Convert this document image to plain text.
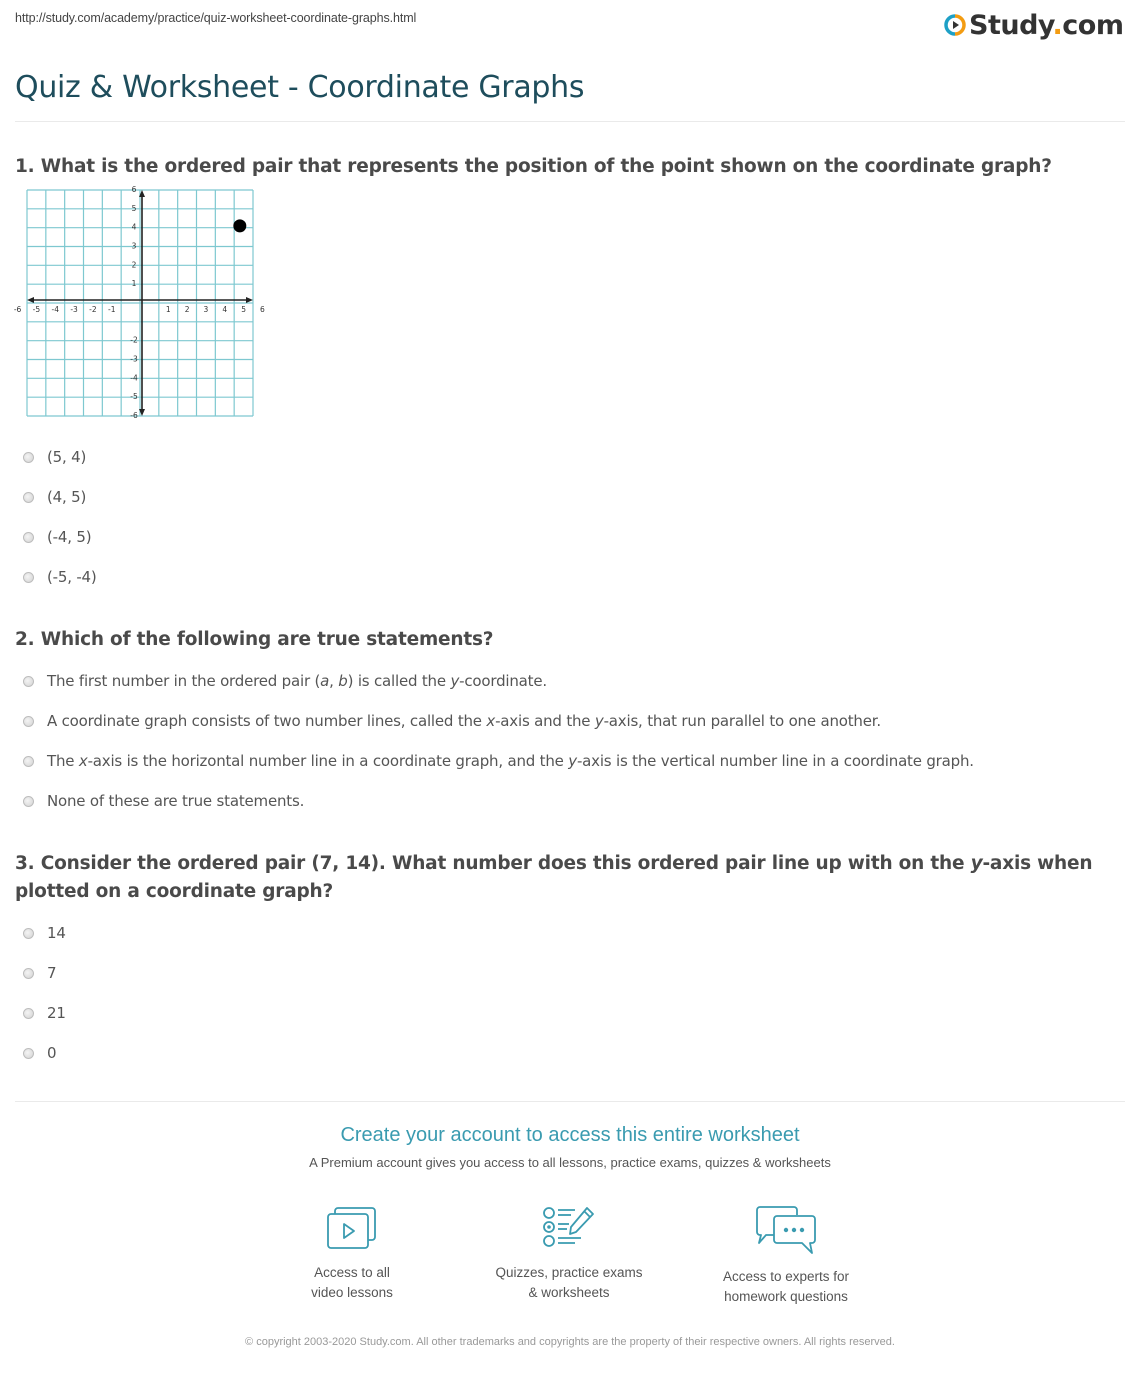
http://study.com/academy/practice/quiz-worksheet-coordinate-graphs.html	Study.com
Quiz & Worksheet - Coordinate Graphs
1. What is the ordered pair that represents the position of the point shown on the coordinate graph?
-6 -5 -4 -3 -2 -1	1 2 3 4 5 6
6
5
4
3
2
1
-2
-3
-4
-5
-6
(5, 4)
(4, 5)
(-4, 5)
(-5, -4)
2. Which of the following are true statements?
The first number in the ordered pair (a, b) is called the y-coordinate.
A coordinate graph consists of two number lines, called the x-axis and the y-axis, that run parallel to one another.
The x-axis is the horizontal number line in a coordinate graph, and the y-axis is the vertical number line in a coordinate graph.
None of these are true statements.
3. Consider the ordered pair (7, 14). What number does this ordered pair line up with on the y-axis when plotted on a coordinate graph?
14
7
21
0
Create your account to access this entire worksheet
A Premium account gives you access to all lessons, practice exams, quizzes & worksheets
Access to all
video lessons
Quizzes, practice exams
& worksheets
Access to experts for
homework questions
© copyright 2003-2020 Study.com. All other trademarks and copyrights are the property of their respective owners. All rights reserved.
